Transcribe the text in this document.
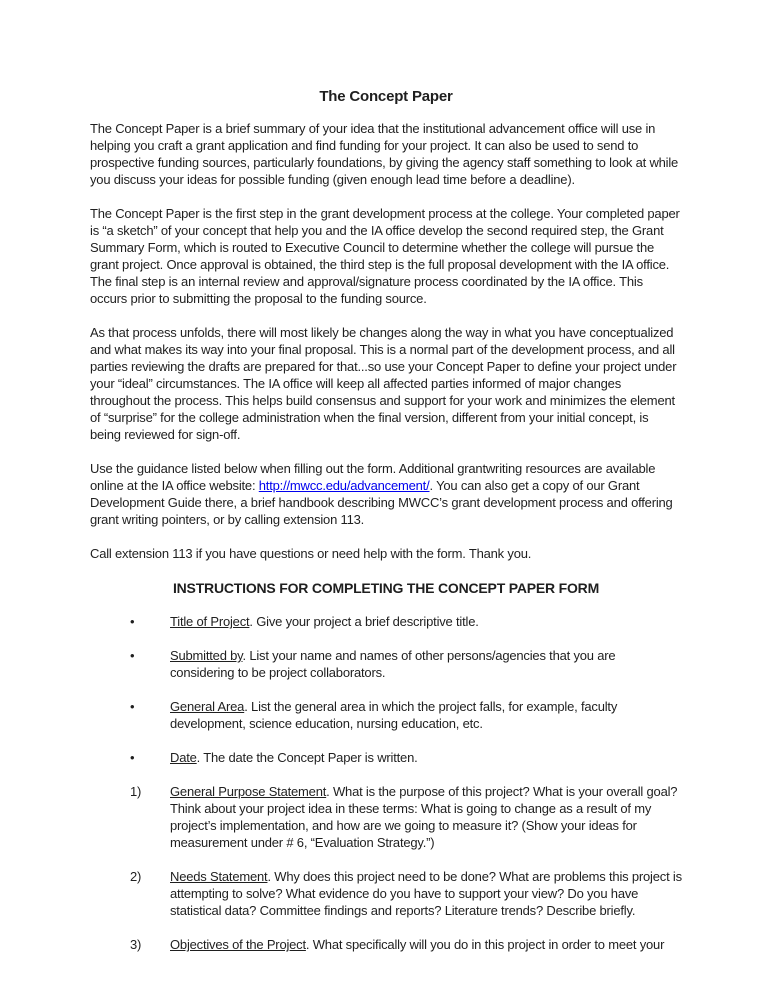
The Concept Paper

The Concept Paper is a brief summary of your idea that the institutional advancement office will use in helping you craft a grant application and find funding for your project. It can also be used to send to prospective funding sources, particularly foundations, by giving the agency staff something to look at while you discuss your ideas for possible funding (given enough lead time before a deadline).

The Concept Paper is the first step in the grant development process at the college. Your completed paper is “a sketch” of your concept that help you and the IA office develop the second required step, the Grant Summary Form, which is routed to Executive Council to determine whether the college will pursue the grant project. Once approval is obtained, the third step is the full proposal development with the IA office. The final step is an internal review and approval/signature process coordinated by the IA office. This occurs prior to submitting the proposal to the funding source.

As that process unfolds, there will most likely be changes along the way in what you have conceptualized and what makes its way into your final proposal. This is a normal part of the development process, and all parties reviewing the drafts are prepared for that...so use your Concept Paper to define your project under your “ideal” circumstances. The IA office will keep all affected parties informed of major changes throughout the process. This helps build consensus and support for your work and minimizes the element of “surprise” for the college administration when the final version, different from your initial concept, is being reviewed for sign-off.

Use the guidance listed below when filling out the form. Additional grantwriting resources are available online at the IA office website: http://mwcc.edu/advancement/. You can also get a copy of our Grant Development Guide there, a brief handbook describing MWCC’s grant development process and offering grant writing pointers, or by calling extension 113.

Call extension 113 if you have questions or need help with the form. Thank you.

INSTRUCTIONS FOR COMPLETING THE CONCEPT PAPER FORM
•	Title of Project. Give your project a brief descriptive title.
•	Submitted by. List your name and names of other persons/agencies that you are considering to be project collaborators.
•	General Area. List the general area in which the project falls, for example, faculty development, science education, nursing education, etc.
•	Date. The date the Concept Paper is written.
1)	General Purpose Statement. What is the purpose of this project? What is your overall goal? Think about your project idea in these terms: What is going to change as a result of my project’s implementation, and how are we going to measure it? (Show your ideas for measurement under # 6, “Evaluation Strategy.”)
2)	Needs Statement. Why does this project need to be done? What are problems this project is attempting to solve? What evidence do you have to support your view? Do you have statistical data? Committee findings and reports? Literature trends? Describe briefly.
3)	Objectives of the Project. What specifically will you do in this project in order to meet your
